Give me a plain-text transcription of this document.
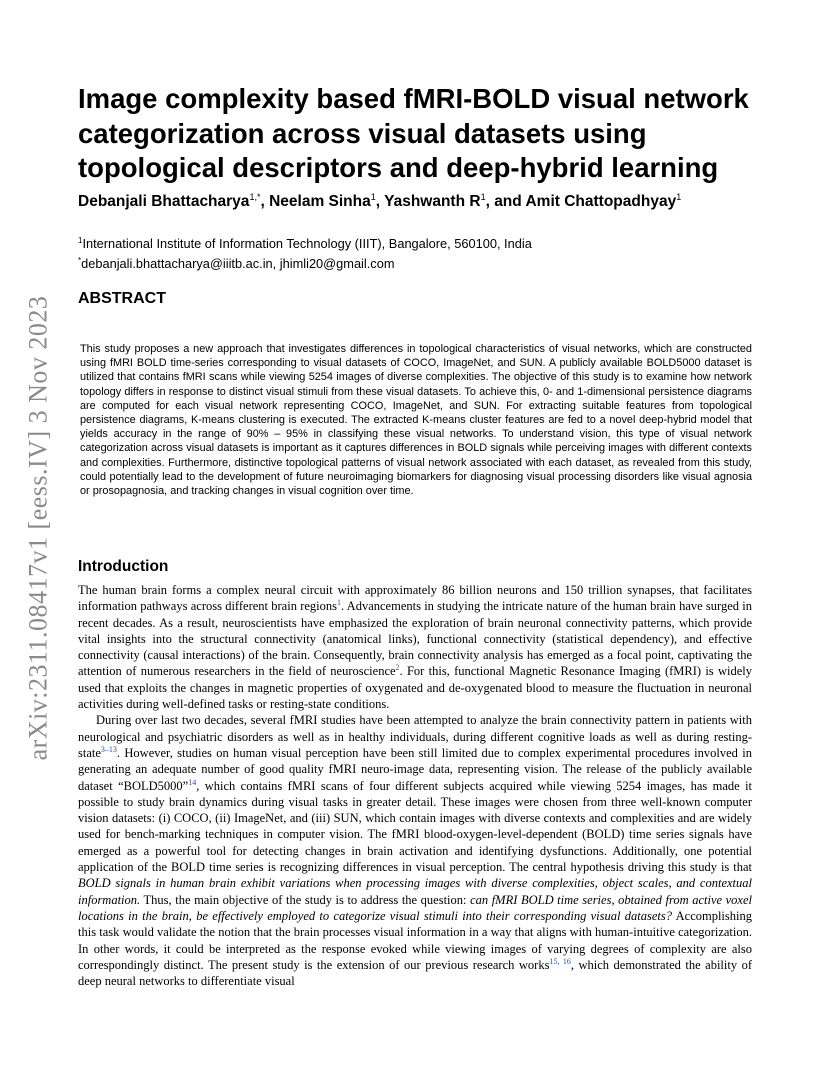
arXiv:2311.08417v1 [eess.IV] 3 Nov 2023
Image complexity based fMRI-BOLD visual network categorization across visual datasets using topological descriptors and deep-hybrid learning

Debanjali Bhattacharya$^{1,*}$, Neelam Sinha$^1$, Yashwanth $R^1$, and Amit Chattopadhyay$^1$

$^1$International Institute of Information Technology (IIIT), Bangalore, 560100, India
*debanjali.bhattacharya@iiitb.ac.in, jhimli20@gmail.com
ABSTRACT

This study proposes a new approach that investigates differences in topological characteristics of visual networks, which are constructed using fMRI BOLD time-series corresponding to visual datasets of COCO, ImageNet, and SUN. A publicly available BOLD5000 dataset is utilized that contains fMRI scans while viewing 5254 images of diverse complexities. The objective of this study is to examine how network topology differs in response to distinct visual stimuli from these visual datasets. To achieve this, 0- and 1-dimensional persistence diagrams are computed for each visual network representing COCO, ImageNet, and SUN. For extracting suitable features from topological persistence diagrams, K-means clustering is executed. The extracted K-means cluster features are fed to a novel deep-hybrid model that yields accuracy in the range of 90% – 95% in classifying these visual networks. To understand vision, this type of visual network categorization across visual datasets is important as it captures differences in BOLD signals while perceiving images with different contexts and complexities. Furthermore, distinctive topological patterns of visual network associated with each dataset, as revealed from this study, could potentially lead to the development of future neuroimaging biomarkers for diagnosing visual processing disorders like visual agnosia or prosopagnosia, and tracking changes in visual cognition over time.

Introduction

The human brain forms a complex neural circuit with approximately 86 billion neurons and 150 trillion synapses, that facilitates information pathways across different brain regions$^1$. Advancements in studying the intricate nature of the human brain have surged in recent decades. As a result, neuroscientists have emphasized the exploration of brain neuronal connectivity patterns, which provide vital insights into the structural connectivity (anatomical links), functional connectivity (statistical dependency), and effective connectivity (causal interactions) of the brain. Consequently, brain connectivity analysis has emerged as a focal point, captivating the attention of numerous researchers in the field of neuroscience$^2$. For this, functional Magnetic Resonance Imaging (fMRI) is widely used that exploits the changes in magnetic properties of oxygenated and de-oxygenated blood to measure the fluctuation in neuronal activities during well-defined tasks or resting-state conditions.

During over last two decades, several fMRI studies have been attempted to analyze the brain connectivity pattern in patients with neurological and psychiatric disorders as well as in healthy individuals, during different cognitive loads as well as during resting-state$^{3-13}$. However, studies on human visual perception have been still limited due to complex experimental procedures involved in generating an adequate number of good quality fMRI neuro-image data, representing vision. The release of the publicly available dataset “BOLD5000”$^{14}$, which contains fMRI scans of four different subjects acquired while viewing 5254 images, has made it possible to study brain dynamics during visual tasks in greater detail. These images were chosen from three well-known computer vision datasets: (i) COCO, (ii) ImageNet, and (iii) SUN, which contain images with diverse contexts and complexities and are widely used for bench-marking techniques in computer vision. The fMRI blood-oxygen-level-dependent (BOLD) time series signals have emerged as a powerful tool for detecting changes in brain activation and identifying dysfunctions. Additionally, one potential application of the BOLD time series is recognizing differences in visual perception. The central hypothesis driving this study is that BOLD signals in human brain exhibit variations when processing images with diverse complexities, object scales, and contextual information. Thus, the main objective of the study is to address the question: can fMRI BOLD time series, obtained from active voxel locations in the brain, be effectively employed to categorize visual stimuli into their corresponding visual datasets? Accomplishing this task would validate the notion that the brain processes visual information in a way that aligns with human-intuitive categorization. In other words, it could be interpreted as the response evoked while viewing images of varying degrees of complexity are also correspondingly distinct. The present study is the extension of our previous research works$^{15, 16}$, which demonstrated the ability of deep neural networks to differentiate visual
